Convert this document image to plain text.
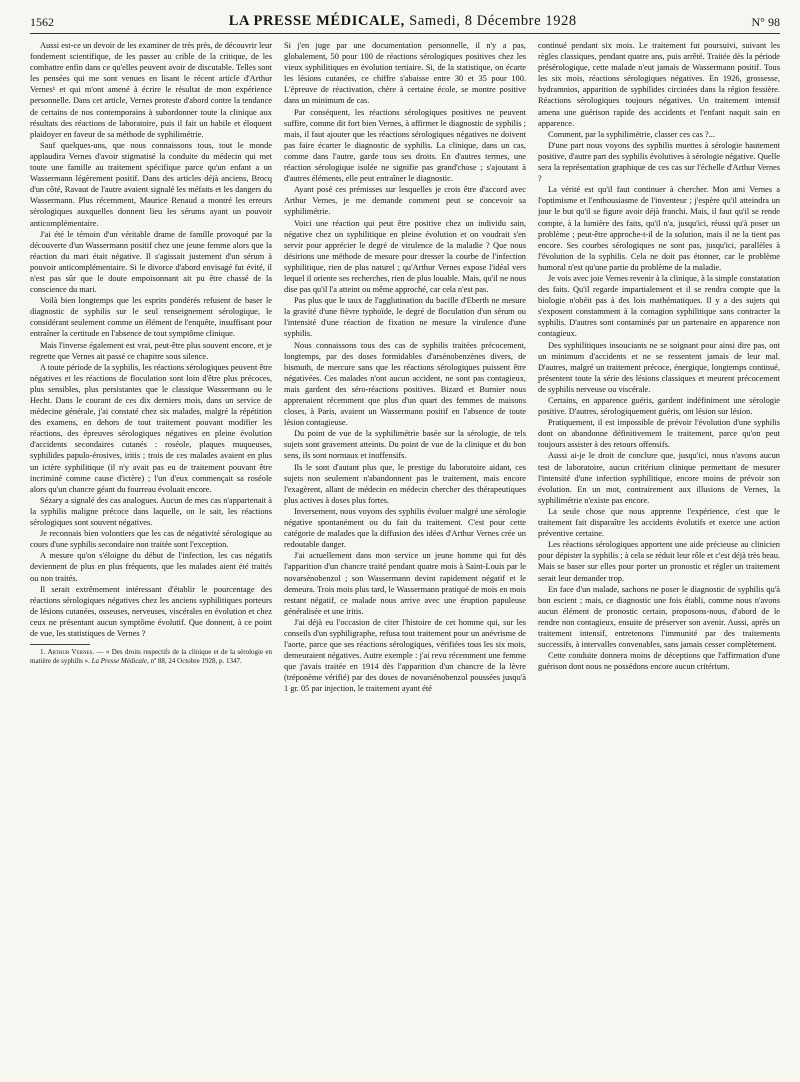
1562	LA PRESSE MÉDICALE, Samedi, 8 Décembre 1928	N° 98

Aussi est-ce un devoir de les examiner de très près, de découvrir leur fondement scientifique, de les passer au crible de la critique, de les combattre enfin dans ce qu'elles peuvent avoir de discutable. Telles sont les pensées qui me sont venues en lisant le récent article d'Arthur Vernes¹ et qui m'ont amené à écrire le résultat de mon expérience personnelle. Dans cet article, Vernes proteste d'abord contre la tendance de certains de nos contemporains à subordonner toute la clinique aux résultats des réactions de laboratoire, puis il fait un habile et éloquent plaidoyer en faveur de sa méthode de syphilimétrie.

Sauf quelques-uns, que nous connaissons tous, tout le monde applaudira Vernes d'avoir stigmatisé la conduite du médecin qui met toute une famille au traitement spécifique parce qu'un enfant a un Wassermann légèrement positif. Dans des articles déjà anciens, Brocq d'un côté, Ravaut de l'autre avaient signalé les méfaits et les dangers du Wassermann. Plus récemment, Maurice Renaud a montré les erreurs sérologiques auxquelles donnent lieu les sérums ayant un pouvoir anticomplémentaire.

J'ai été le témoin d'un véritable drame de famille provoqué par la découverte d'un Wassermann positif chez une jeune femme alors que la réaction du mari était négative. Il s'agissait justement d'un sérum à pouvoir anticomplémentaire. Si le divorce d'abord envisagé fut évité, il n'est pas sûr que le doute empoisonnant ait pu être chassé de la conscience du mari.

Voilà bien longtemps que les esprits pondérés refusent de baser le diagnostic de syphilis sur le seul renseignement sérologique, le considérant seulement comme un élément de l'enquête, insuffisant pour entraîner la certitude en l'absence de tout symptôme clinique.

Mais l'inverse également est vrai, peut-être plus souvent encore, et je regrette que Vernes ait passé ce chapitre sous silence.

A toute période de la syphilis, les réactions sérologiques peuvent être négatives et les réactions de floculation sont loin d'être plus précoces, plus sensibles, plus persistantes que le classique Wassermann ou le Hecht. Dans le courant de ces dix derniers mois, dans un service de médecine générale, j'ai constaté chez six malades, malgré la répétition des examens, en dehors de tout traitement pouvant modifier les réactions, des épreuves sérologiques négatives en pleine évolution d'accidents secondaires cutanés : roséole, plaques muqueuses, syphilides papulo-érosives, iritis ; trois de ces malades avaient en plus un ictère syphilitique (il n'y avait pas eu de traitement pouvant être incriminé comme cause d'ictère) ; l'un d'eux commençait sa roséole alors qu'un chancre géant du fourreau évoluait encore.

Sézary a signalé des cas analogues. Aucun de mes cas n'appartenait à la syphilis maligne précoce dans laquelle, on le sait, les réactions sérologiques sont souvent négatives.

Je reconnais bien volontiers que les cas de négativité sérologique au cours d'une syphilis secondaire non traitée sont l'exception.

A mesure qu'on s'éloigne du début de l'infection, les cas négatifs deviennent de plus en plus fréquents, que les malades aient été traités ou non traités.

Il serait extrêmement intéressant d'établir le pourcentage des réactions sérologiques négatives chez les anciens syphilitiques porteurs de lésions cutanées, osseuses, nerveuses, viscérales en évolution et chez ceux ne présentant aucun symptôme évolutif. Que donnent, à ce point de vue, les statistiques de Vernes ?

1. Arthur Vernes. — « Des droits respectifs de la clinique et de la sérologie en matière de syphilis ». La Presse Médicale, nº 88, 24 Octobre 1928, p. 1347.

Si j'en juge par une documentation personnelle, il n'y a pas, globalement, 50 pour 100 de réactions sérologiques positives chez les vieux syphilitiques en évolution tertiaire. Si, de la statistique, on écarte les lésions cutanées, ce chiffre s'abaisse entre 30 et 35 pour 100. L'épreuve de réactivation, chère à certaine école, se montre positive dans un minimum de cas.

Par conséquent, les réactions sérologiques positives ne peuvent suffire, comme dit fort bien Vernes, à affirmer le diagnostic de syphilis ; mais, il faut ajouter que les réactions sérologiques négatives ne doivent pas faire écarter le diagnostic de syphilis. La clinique, dans un cas, comme dans l'autre, garde tous ses droits. En d'autres termes, une réaction sérologique isolée ne signifie pas grand'chose ; s'ajoutant à d'autres éléments, elle peut entraîner le diagnostic.

Ayant posé ces prémisses sur lesquelles je crois être d'accord avec Arthur Vernes, je me demande comment peut se concevoir sa syphilimétrie.

Voici une réaction qui peut être positive chez un individu sain, négative chez un syphilitique en pleine évolution et on voudrait s'en servir pour apprécier le degré de virulence de la maladie ? Que nous désirions une méthode de mesure pour dresser la courbe de l'infection syphilitique, rien de plus naturel ; qu'Arthur Vernes expose l'idéal vers lequel il oriente ses recherches, rien de plus louable. Mais, qu'il ne nous dise pas qu'il l'a atteint ou même approché, car cela n'est pas.

Pas plus que le taux de l'agglutination du bacille d'Eberth ne mesure la gravité d'une fièvre typhoïde, le degré de floculation d'un sérum ou l'intensité d'une réaction de fixation ne mesure la virulence d'une syphilis.

Nous connaissons tous des cas de syphilis traitées précocement, longtemps, par des doses formidables d'arsénobenzènes divers, de bismuth, de mercure sans que les réactions sérologiques puissent être négativées. Ces malades n'ont aucun accident, ne sont pas contagieux, mais gardent des séro-réactions positives. Bizard et Burnier nous apprenaient récemment que plus d'un quart des femmes de maisons closes, à Paris, avaient un Wassermann positif en l'absence de toute lésion contagieuse.

Du point de vue de la syphilimétrie basée sur la sérologie, de tels sujets sont gravement atteints. Du point de vue de la clinique et du bon sens, ils sont normaux et inoffensifs.

Ils le sont d'autant plus que, le prestige du laboratoire aidant, ces sujets non seulement n'abandonnent pas le traitement, mais encore l'exagèrent, allant de médecin en médecin chercher des thérapeutiques plus actives à doses plus fortes.

Inversement, nous voyons des syphilis évoluer malgré une sérologie négative spontanément ou du fait du traitement. C'est pour cette catégorie de malades que la diffusion des idées d'Arthur Vernes crée un redoutable danger.

J'ai actuellement dans mon service un jeune homme qui fut dès l'apparition d'un chancre traité pendant quatre mois à Saint-Louis par le novarsénobenzol ; son Wassermann devint rapidement négatif et le demeura. Trois mois plus tard, le Wassermann pratiqué de mois en mois restant négatif, ce malade nous arrive avec une éruption papuleuse généralisée et une iritis.

J'ai déjà eu l'occasion de citer l'histoire de cet homme qui, sur les conseils d'un syphiligraphe, refusa tout traitement pour un anévrisme de l'aorte, parce que ses réactions sérologiques, vérifiées tous les six mois, demeuraient négatives. Autre exemple : j'ai revu récemment une femme que j'avais traitée en 1914 dès l'apparition d'un chancre de la lèvre (tréponème vérifié) par des doses de novarsénobenzol poussées jusqu'à 1 gr. 05 par injection, le traitement ayant été

continué pendant six mois. Le traitement fut poursuivi, suivant les règles classiques, pendant quatre ans, puis arrêté. Traitée dès la période présérologique, cette malade n'eut jamais de Wassermann positif. Tous les six mois, réactions sérologiques négatives. En 1926, grossesse, hydramnios, apparition de syphilides circinées dans la région fessière. Réactions sérologiques toujours négatives. Un traitement intensif amena une guérison rapide des accidents et l'enfant naquit sain en apparence.

Comment, par la syphilimétrie, classer ces cas ?...

D'une part nous voyons des syphilis muettes à sérologie hautement positive, d'autre part des syphilis évolutives à sérologie négative. Quelle sera la représentation graphique de ces cas sur l'échelle d'Arthur Vernes ?

La vérité est qu'il faut continuer à chercher. Mon ami Vernes a l'optimisme et l'enthousiasme de l'inventeur ; j'espère qu'il atteindra un jour le but qu'il se figure avoir déjà franchi. Mais, il faut qu'il se rende compte, à la lumière des faits, qu'il n'a, jusqu'ici, réussi qu'à poser un problème ; peut-être approche-t-il de la solution, mais il ne la tient pas encore. Ses courbes sérologiques ne sont pas, jusqu'ici, parallèles à l'évolution de la syphilis. Cela ne doit pas étonner, car le problème humoral n'est qu'une partie du problème de la maladie.

Je vois avec joie Vernes revenir à la clinique, à la simple constatation des faits. Qu'il regarde impartialement et il se rendra compte que la biologie n'obéit pas à des lois mathématiques. Il y a des sujets qui s'exposent constamment à la contagion syphilitique sans contracter la syphilis. D'autres sont contaminés par un partenaire en apparence non contagieux.

Des syphilitiques insouciants ne se soignant pour ainsi dire pas, ont un minimum d'accidents et ne se ressentent jamais de leur mal. D'autres, malgré un traitement précoce, énergique, longtemps continué, présentent toute la série des lésions classiques et meurent précocement de syphilis nerveuse ou viscérale.

Certains, en apparence guéris, gardent indéfiniment une sérologie positive. D'autres, sérologiquement guéris, ont lésion sur lésion.

Pratiquement, il est impossible de prévoir l'évolution d'une syphilis dont on abandonne définitivement le traitement, parce qu'on peut toujours assister à des retours offensifs.

Aussi ai-je le droit de conclure que, jusqu'ici, nous n'avons aucun test de laboratoire, aucun critérium clinique permettant de mesurer l'intensité d'une infection syphilitique, encore moins de prévoir son évolution. En un mot, contrairement aux illusions de Vernes, la syphilimétrie n'existe pas encore.

La seule chose que nous apprenne l'expérience, c'est que le traitement fait disparaître les accidents évolutifs et exerce une action préventive certaine.

Les réactions sérologiques apportent une aide précieuse au clinicien pour dépister la syphilis ; à cela se réduit leur rôle et c'est déjà très beau. Mais se baser sur elles pour porter un pronostic et régler un traitement serait leur demander trop.

En face d'un malade, sachons ne poser le diagnostic de syphilis qu'à bon escient ; mais, ce diagnostic une fois établi, comme nous n'avons aucun élément de pronostic certain, proposons-nous, d'abord de le rendre non contagieux, ensuite de préserver son avenir. Aussi, après un traitement intensif, entretenons l'immunité par des traitements successifs, à intervalles convenables, sans jamais cesser complètement.

Cette conduite donnera moins de déceptions que l'affirmation d'une guérison dont nous ne possédons encore aucun critérium.
